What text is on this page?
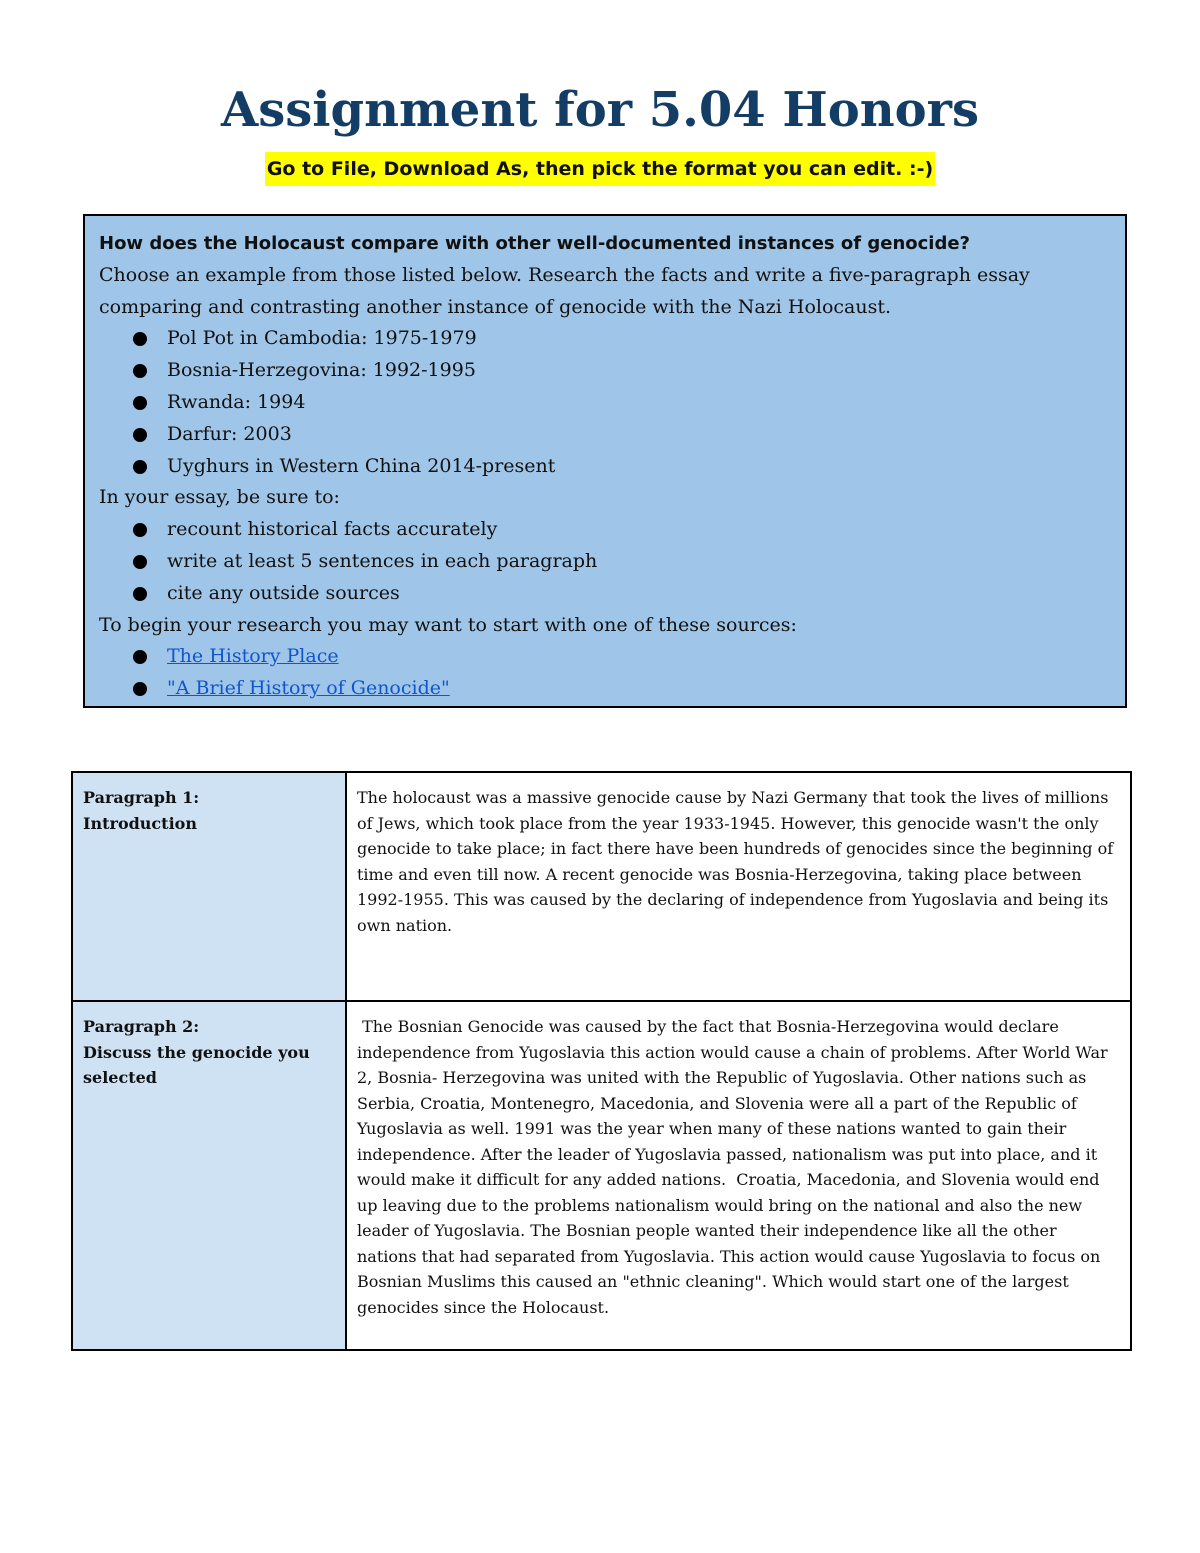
Assignment for 5.04 Honors
Go to File, Download As, then pick the format you can edit. :-)

How does the Holocaust compare with other well-documented instances of genocide?

Choose an example from those listed below. Research the facts and write a five-paragraph essay

comparing and contrasting another instance of genocide with the Nazi Holocaust.

Pol Pot in Cambodia: 1975-1979
Bosnia-Herzegovina: 1992-1995
Rwanda: 1994
Darfur: 2003
Uyghurs in Western China 2014-present

In your essay, be sure to:

recount historical facts accurately
write at least 5 sentences in each paragraph
cite any outside sources

To begin your research you may want to start with one of these sources:

The History Place
"A Brief History of Genocide"
Paragraph 1:
Introduction	The holocaust was a massive genocide cause by Nazi Germany that took the lives of millions of Jews, which took place from the year 1933-1945. However, this genocide wasn't the only genocide to take place; in fact there have been hundreds of genocides since the beginning of time and even till now. A recent genocide was Bosnia-Herzegovina, taking place between 1992-1955. This was caused by the declaring of independence from Yugoslavia and being its own nation.

Paragraph 2:
Discuss the genocide you selected	The Bosnian Genocide was caused by the fact that Bosnia-Herzegovina would declare independence from Yugoslavia this action would cause a chain of problems. After World War 2, Bosnia- Herzegovina was united with the Republic of Yugoslavia. Other nations such as Serbia, Croatia, Montenegro, Macedonia, and Slovenia were all a part of the Republic of Yugoslavia as well. 1991 was the year when many of these nations wanted to gain their independence. After the leader of Yugoslavia passed, nationalism was put into place, and it would make it difficult for any added nations.  Croatia, Macedonia, and Slovenia would end up leaving due to the problems nationalism would bring on the national and also the new leader of Yugoslavia. The Bosnian people wanted their independence like all the other nations that had separated from Yugoslavia. This action would cause Yugoslavia to focus on Bosnian Muslims this caused an "ethnic cleaning". Which would start one of the largest genocides since the Holocaust.
